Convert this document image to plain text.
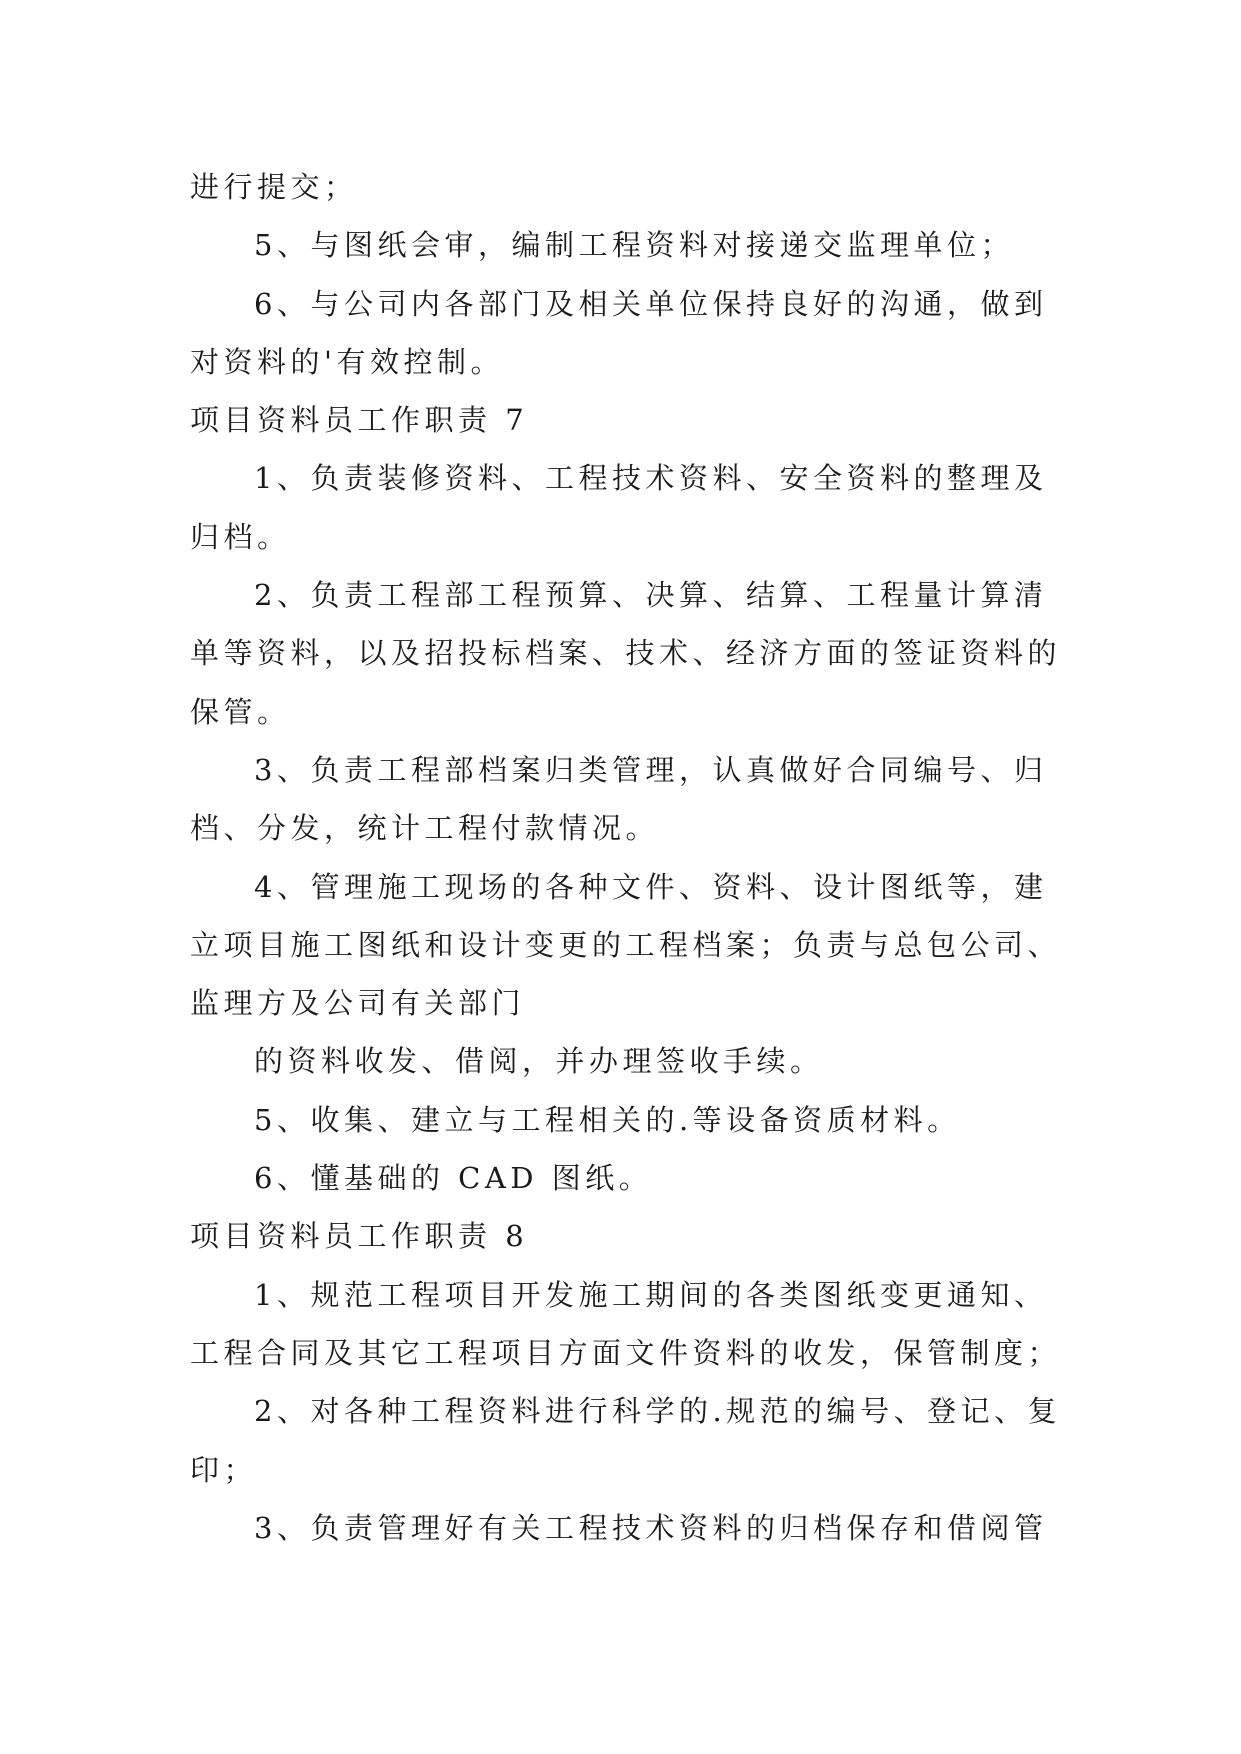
进行提交；
5、与图纸会审，编制工程资料对接递交监理单位；
6、与公司内各部门及相关单位保持良好的沟通，做到
对资料的'有效控制。
项目资料员工作职责 7
1、负责装修资料、工程技术资料、安全资料的整理及
归档。
2、负责工程部工程预算、决算、结算、工程量计算清
单等资料，以及招投标档案、技术、经济方面的签证资料的
保管。
3、负责工程部档案归类管理，认真做好合同编号、归
档、分发，统计工程付款情况。
4、管理施工现场的各种文件、资料、设计图纸等，建
立项目施工图纸和设计变更的工程档案；负责与总包公司、
监理方及公司有关部门
的资料收发、借阅，并办理签收手续。
5、收集、建立与工程相关的.等设备资质材料。
6、懂基础的 CAD 图纸。
项目资料员工作职责 8
1、规范工程项目开发施工期间的各类图纸变更通知、
工程合同及其它工程项目方面文件资料的收发，保管制度；
2、对各种工程资料进行科学的.规范的编号、登记、复
印；
3、负责管理好有关工程技术资料的归档保存和借阅管
